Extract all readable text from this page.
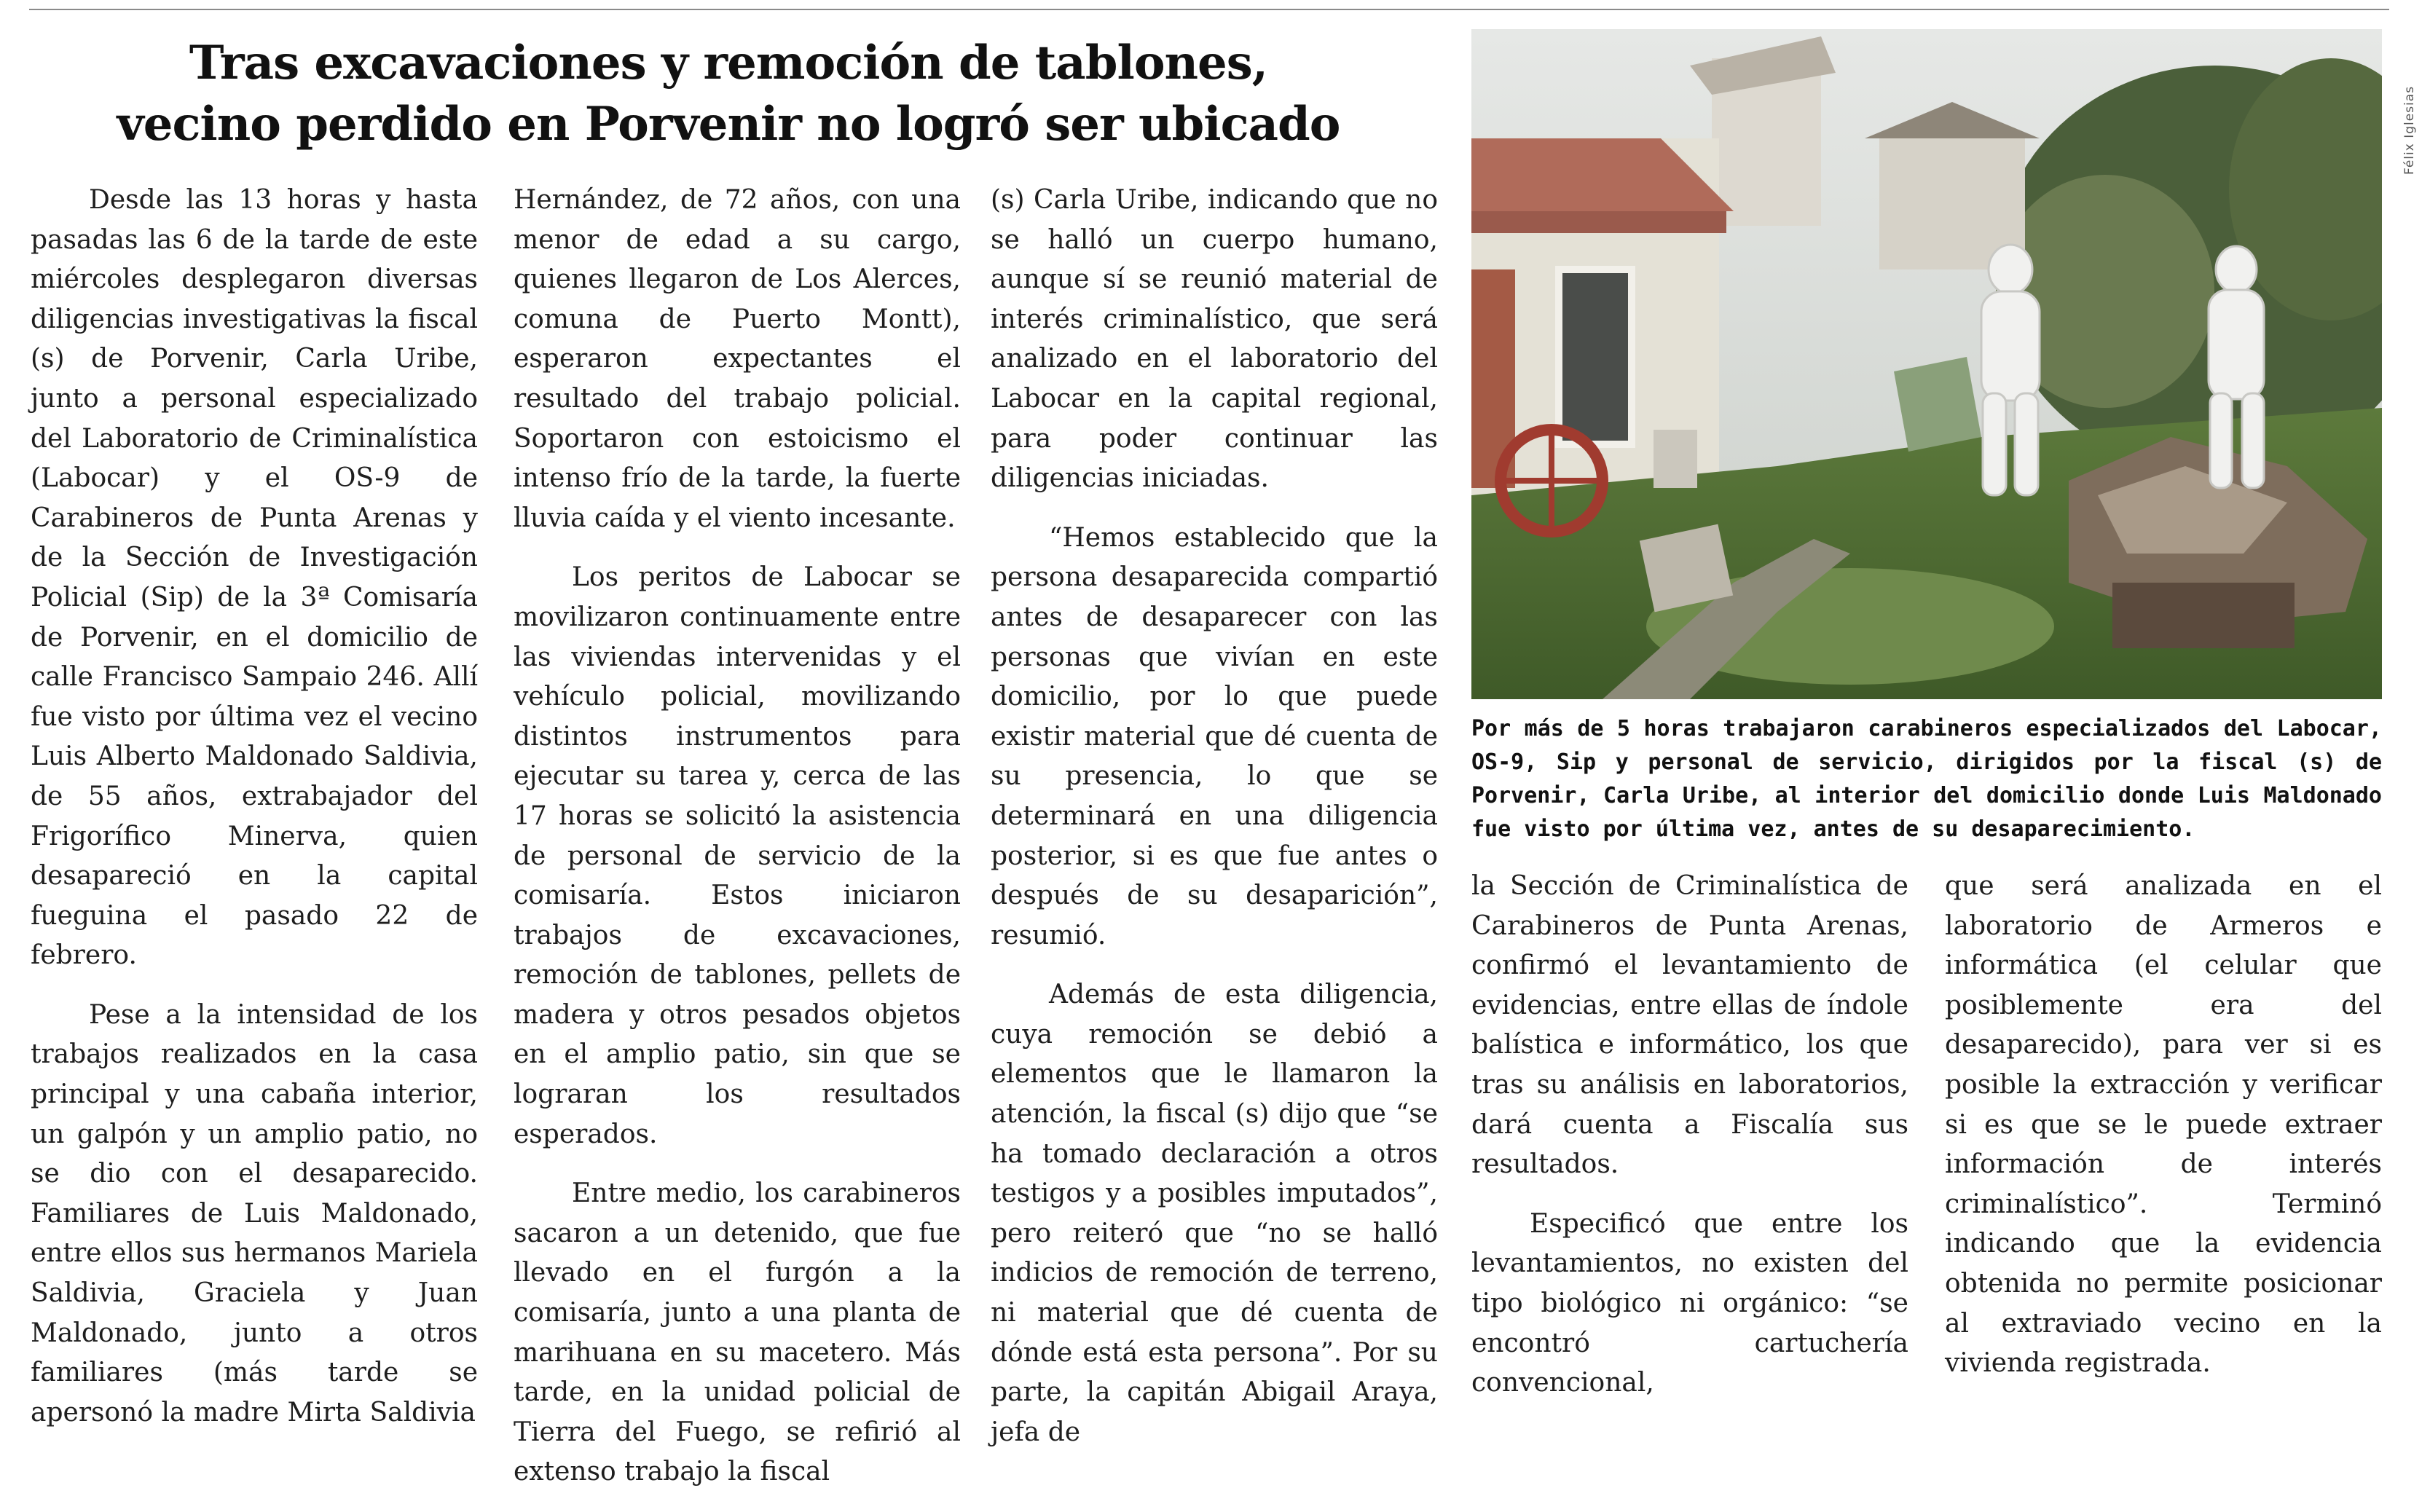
Tras excavaciones y remoción de tablones,
vecino perdido en Porvenir no logró ser ubicado

Desde las 13 horas y hasta pasadas las 6 de la tarde de este miércoles desplegaron diversas diligencias investigativas la fiscal (s) de Porvenir, Carla Uribe, junto a personal especializado del Laboratorio de Criminalística (Labocar) y el OS-9 de Carabineros de Punta Arenas y de la Sección de Investigación Policial (Sip) de la 3ª Comisaría de Porvenir, en el domicilio de calle Francisco Sampaio 246. Allí fue visto por última vez el vecino Luis Alberto Maldonado Saldivia, de 55 años, extrabajador del Frigorífico Minerva, quien desapareció en la capital fueguina el pasado 22 de febrero.

Pese a la intensidad de los trabajos realizados en la casa principal y una cabaña interior, un galpón y un amplio patio, no se dio con el desaparecido. Familiares de Luis Maldonado, entre ellos sus hermanos Mariela Saldivia, Graciela y Juan Maldonado, junto a otros familiares (más tarde se apersonó la madre Mirta Saldivia

Hernández, de 72 años, con una menor de edad a su cargo, quienes llegaron de Los Alerces, comuna de Puerto Montt), esperaron expectantes el resultado del trabajo policial. Soportaron con estoicismo el intenso frío de la tarde, la fuerte lluvia caída y el viento incesante.

Los peritos de Labocar se movilizaron continuamente entre las viviendas intervenidas y el vehículo policial, movilizando distintos instrumentos para ejecutar su tarea y, cerca de las 17 horas se solicitó la asistencia de personal de servicio de la comisaría. Estos iniciaron trabajos de excavaciones, remoción de tablones, pellets de madera y otros pesados objetos en el amplio patio, sin que se lograran los resultados esperados.

Entre medio, los carabineros sacaron a un detenido, que fue llevado en el furgón a la comisaría, junto a una planta de marihuana en su macetero. Más tarde, en la unidad policial de Tierra del Fuego, se refirió al extenso trabajo la fiscal

(s) Carla Uribe, indicando que no se halló un cuerpo humano, aunque sí se reunió material de interés criminalístico, que será analizado en el laboratorio del Labocar en la capital regional, para poder continuar las diligencias iniciadas.

“Hemos establecido que la persona desaparecida compartió antes de desaparecer con las personas que vivían en este domicilio, por lo que puede existir material que dé cuenta de su presencia, lo que se determinará en una diligencia posterior, si es que fue antes o después de su desaparición”, resumió.

Además de esta diligencia, cuya remoción se debió a elementos que le llamaron la atención, la fiscal (s) dijo que “se ha tomado declaración a otros testigos y a posibles imputados”, pero reiteró que “no se halló indicios de remoción de terreno, ni material que dé cuenta de dónde está esta persona”. Por su parte, la capitán Abigail Araya, jefa de

Félix Iglesias
Por más de 5 horas trabajaron carabineros especializados del Labocar, OS-9, Sip y personal de servicio, dirigidos por la fiscal (s) de Porvenir, Carla Uribe, al interior del domicilio donde Luis Maldonado fue visto por última vez, antes de su desaparecimiento.

la Sección de Criminalística de Carabineros de Punta Arenas, confirmó el levantamiento de evidencias, entre ellas de índole balística e informático, los que tras su análisis en laboratorios, dará cuenta a Fiscalía sus resultados.

Especificó que entre los levantamientos, no existen del tipo biológico ni orgánico: “se encontró cartuchería convencional,

que será analizada en el laboratorio de Armeros e informática (el celular que posiblemente era del desaparecido), para ver si es posible la extracción y verificar si es que se le puede extraer información de interés criminalístico”. Terminó indicando que la evidencia obtenida no permite posicionar al extraviado vecino en la vivienda registrada.
